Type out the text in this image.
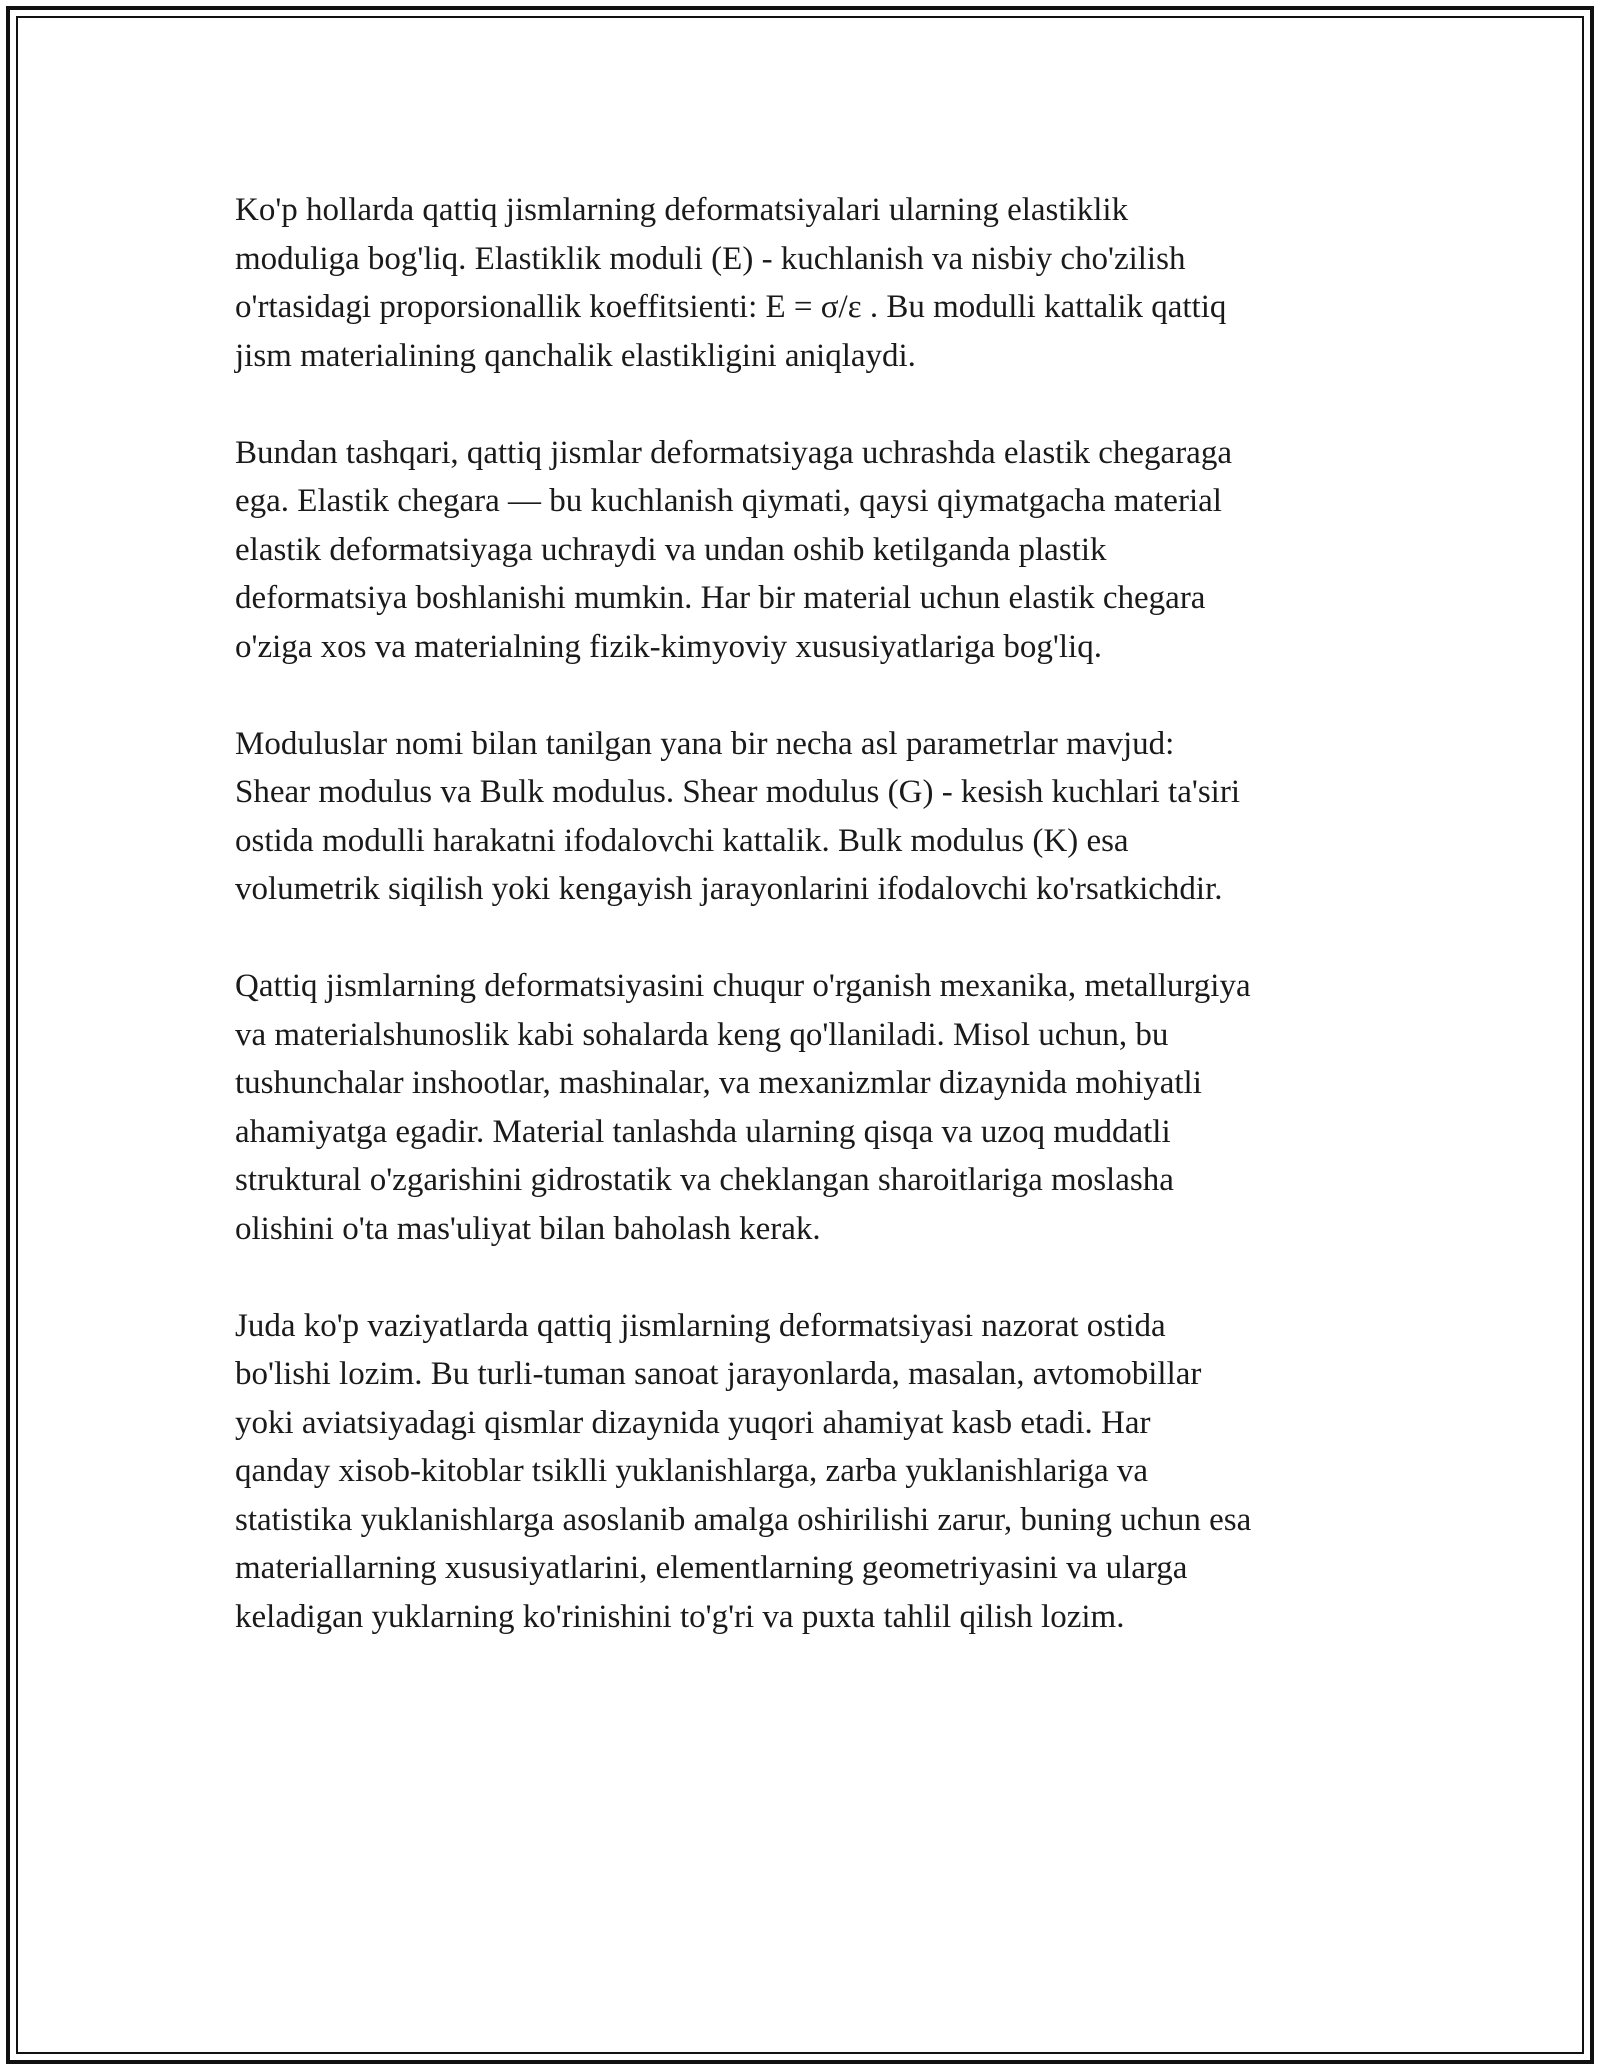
Ko'p hollarda qattiq jismlarning deformatsiyalari ularning elastiklik
moduliga bog'liq. Elastiklik moduli (E) - kuchlanish va nisbiy cho'zilish
o'rtasidagi proporsionallik koeffitsienti: E = σ/ε . Bu modulli kattalik qattiq
jism materialining qanchalik elastikligini aniqlaydi.

Bundan tashqari, qattiq jismlar deformatsiyaga uchrashda elastik chegaraga
ega. Elastik chegara — bu kuchlanish qiymati, qaysi qiymatgacha material
elastik deformatsiyaga uchraydi va undan oshib ketilganda plastik
deformatsiya boshlanishi mumkin. Har bir material uchun elastik chegara
o'ziga xos va materialning fizik-kimyoviy xususiyatlariga bog'liq.

Moduluslar nomi bilan tanilgan yana bir necha asl parametrlar mavjud:
Shear modulus va Bulk modulus. Shear modulus (G) - kesish kuchlari ta'siri
ostida modulli harakatni ifodalovchi kattalik. Bulk modulus (K) esa
volumetrik siqilish yoki kengayish jarayonlarini ifodalovchi ko'rsatkichdir.

Qattiq jismlarning deformatsiyasini chuqur o'rganish mexanika, metallurgiya
va materialshunoslik kabi sohalarda keng qo'llaniladi. Misol uchun, bu
tushunchalar inshootlar, mashinalar, va mexanizmlar dizaynida mohiyatli
ahamiyatga egadir. Material tanlashda ularning qisqa va uzoq muddatli
struktural o'zgarishini gidrostatik va cheklangan sharoitlariga moslasha
olishini o'ta mas'uliyat bilan baholash kerak.

Juda ko'p vaziyatlarda qattiq jismlarning deformatsiyasi nazorat ostida
bo'lishi lozim. Bu turli-tuman sanoat jarayonlarda, masalan, avtomobillar
yoki aviatsiyadagi qismlar dizaynida yuqori ahamiyat kasb etadi. Har
qanday xisob-kitoblar tsiklli yuklanishlarga, zarba yuklanishlariga va
statistika yuklanishlarga asoslanib amalga oshirilishi zarur, buning uchun esa
materiallarning xususiyatlarini, elementlarning geometriyasini va ularga
keladigan yuklarning ko'rinishini to'g'ri va puxta tahlil qilish lozim.
